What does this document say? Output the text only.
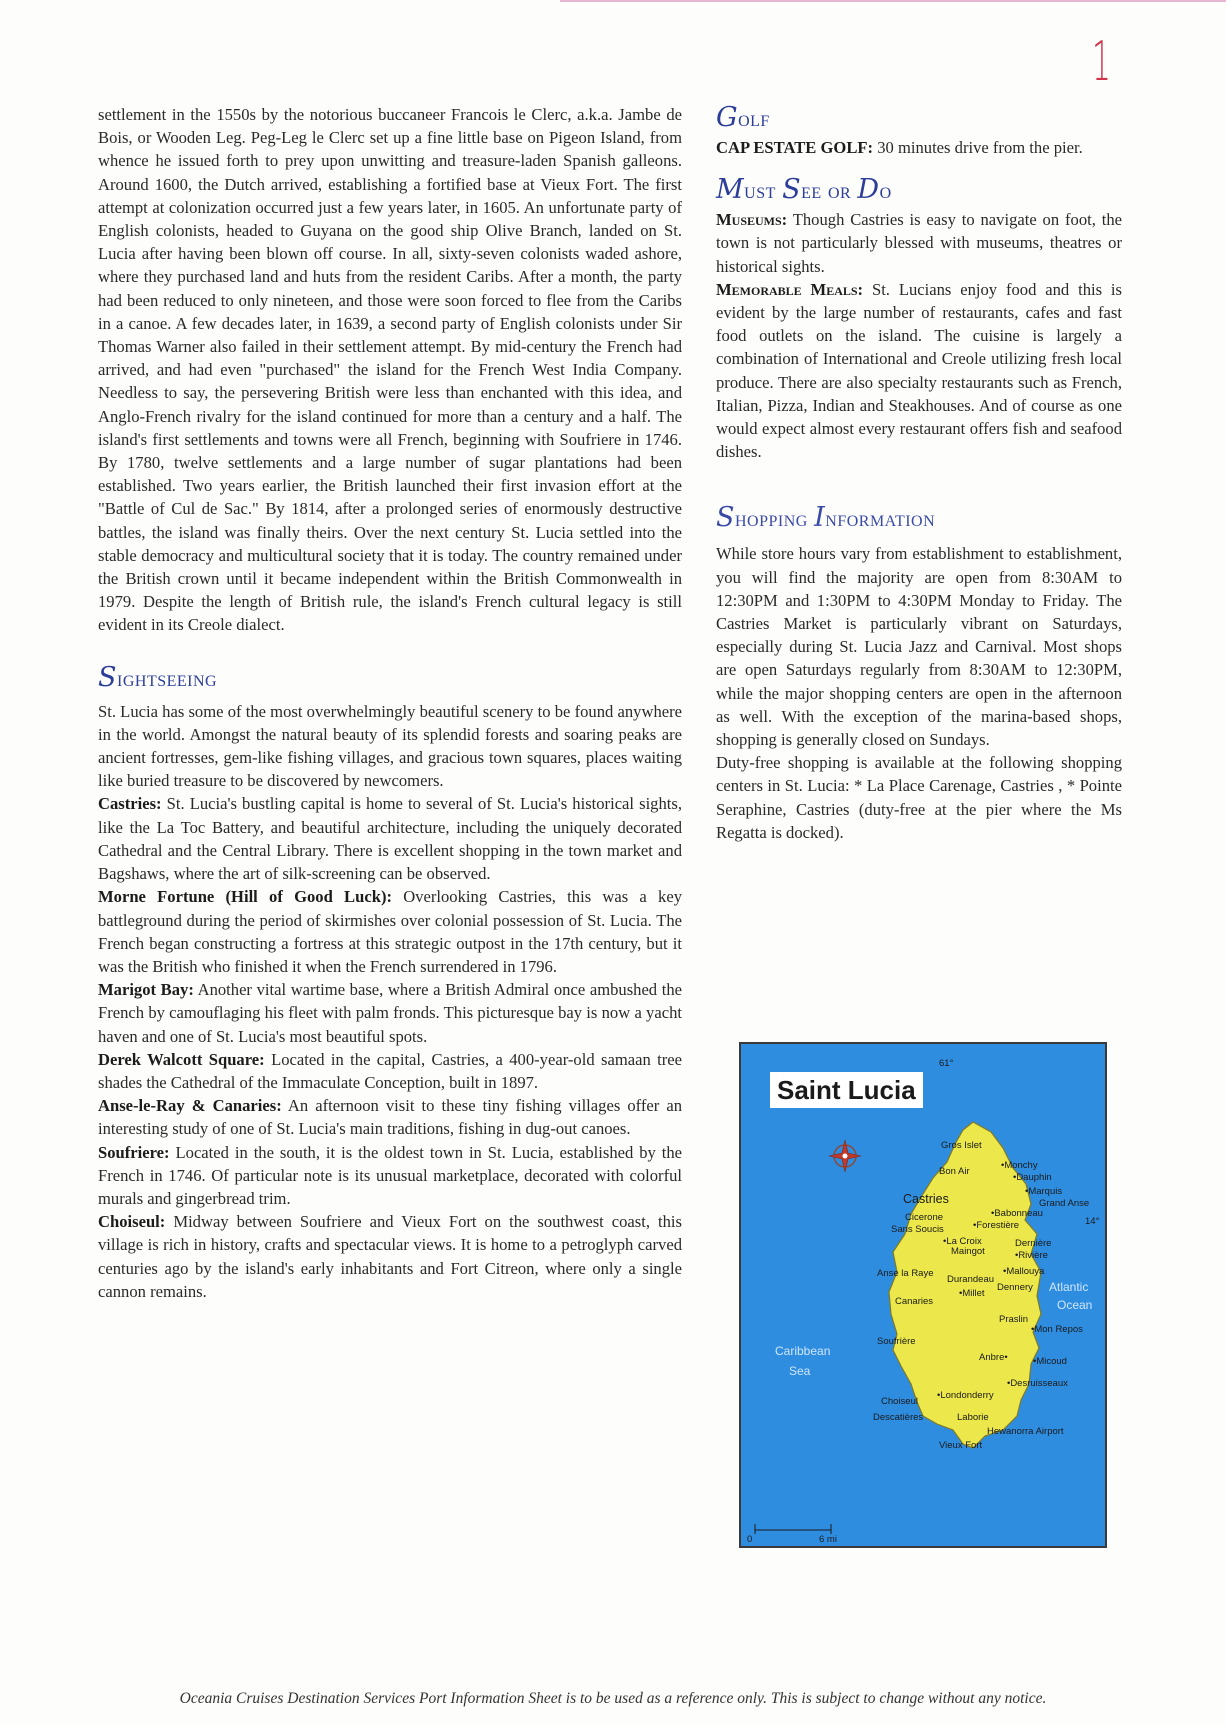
1

settlement in the 1550s by the notorious buccaneer Francois le Clerc, a.k.a. Jambe de Bois, or Wooden Leg. Peg-Leg le Clerc set up a fine little base on Pigeon Island, from whence he issued forth to prey upon unwitting and treasure-laden Spanish galleons. Around 1600, the Dutch arrived, establishing a fortified base at Vieux Fort. The first attempt at colonization occurred just a few years later, in 1605. An unfortunate party of English colonists, headed to Guyana on the good ship Olive Branch, landed on St. Lucia after having been blown off course. In all, sixty-seven colonists waded ashore, where they purchased land and huts from the resident Caribs. After a month, the party had been reduced to only nineteen, and those were soon forced to flee from the Caribs in a canoe. A few decades later, in 1639, a second party of English colonists under Sir Thomas Warner also failed in their settlement attempt. By mid-century the French had arrived, and had even "purchased" the island for the French West India Company. Needless to say, the persevering British were less than enchanted with this idea, and Anglo-French rivalry for the island continued for more than a century and a half. The island's first settlements and towns were all French, beginning with Soufriere in 1746. By 1780, twelve settlements and a large number of sugar plantations had been established. Two years earlier, the British launched their first invasion effort at the "Battle of Cul de Sac." By 1814, after a prolonged series of enormously destructive battles, the island was finally theirs. Over the next century St. Lucia settled into the stable democracy and multicultural society that it is today. The country remained under the British crown until it became independent within the British Commonwealth in 1979. Despite the length of British rule, the island's French cultural legacy is still evident in its Creole dialect.

Sightseeing

St. Lucia has some of the most overwhelmingly beautiful scenery to be found anywhere in the world. Amongst the natural beauty of its splendid forests and soaring peaks are ancient fortresses, gem-like fishing villages, and gracious town squares, places waiting like buried treasure to be discovered by newcomers.

Castries: St. Lucia's bustling capital is home to several of St. Lucia's historical sights, like the La Toc Battery, and beautiful architecture, including the uniquely decorated Cathedral and the Central Library. There is excellent shopping in the town market and Bagshaws, where the art of silk-screening can be observed.

Morne Fortune (Hill of Good Luck): Overlooking Castries, this was a key battleground during the period of skirmishes over colonial possession of St. Lucia. The French began constructing a fortress at this strategic outpost in the 17th century, but it was the British who finished it when the French surrendered in 1796.

Marigot Bay: Another vital wartime base, where a British Admiral once ambushed the French by camouflaging his fleet with palm fronds. This picturesque bay is now a yacht haven and one of St. Lucia's most beautiful spots.

Derek Walcott Square: Located in the capital, Castries, a 400-year-old samaan tree shades the Cathedral of the Immaculate Conception, built in 1897.

Anse-le-Ray & Canaries: An afternoon visit to these tiny fishing villages offer an interesting study of one of St. Lucia's main traditions, fishing in dug-out canoes.

Soufriere: Located in the south, it is the oldest town in St. Lucia, established by the French in 1746. Of particular note is its unusual marketplace, decorated with colorful murals and gingerbread trim.

Choiseul: Midway between Soufriere and Vieux Fort on the southwest coast, this village is rich in history, crafts and spectacular views. It is home to a petroglyph carved centuries ago by the island's early inhabitants and Fort Citreon, where only a single cannon remains.

Golf

CAP ESTATE GOLF: 30 minutes drive from the pier.

Must See or Do

Museums: Though Castries is easy to navigate on foot, the town is not particularly blessed with museums, theatres or historical sights.

Memorable Meals: St. Lucians enjoy food and this is evident by the large number of restaurants, cafes and fast food outlets on the island. The cuisine is largely a combination of International and Creole utilizing fresh local produce. There are also specialty restaurants such as French, Italian, Pizza, Indian and Steakhouses. And of course as one would expect almost every restaurant offers fish and seafood dishes.

Shopping Information

While store hours vary from establishment to establishment, you will find the majority are open from 8:30AM to 12:30PM and 1:30PM to 4:30PM Monday to Friday. The Castries Market is particularly vibrant on Saturdays, especially during St. Lucia Jazz and Carnival. Most shops are open Saturdays regularly from 8:30AM to 12:30PM, while the major shopping centers are open in the afternoon as well. With the exception of the marina-based shops, shopping is generally closed on Sundays.

Duty-free shopping is available at the following shopping centers in St. Lucia: * La Place Carenage, Castries , * Pointe Seraphine, Castries (duty-free at the pier where the Ms Regatta is docked).

Saint Lucia
61°
14°
0	6 mi
Gros Islet
Bon Air
•Monchy
•Dauphin
•Marquis
Grand Anse
Castries
•Babonneau
Cicerone
•Forestière
Sans Soucis
•La Croix
Maingot
Dernière
•Rivière
Anse la Raye
Durandeau
•Mallouya
Dennery
•Millet
Canaries
Soufrière
Praslin
•Mon Repos
Anbre•	•Micoud
•Desruisseaux
Choiseul
•Londonderry
Descatières	Laborie
Hewanorra Airport
Vieux Fort
Caribbean
Sea
Atlantic
Ocean
Oceania Cruises Destination Services Port Information Sheet is to be used as a reference only. This is subject to change without any notice.
